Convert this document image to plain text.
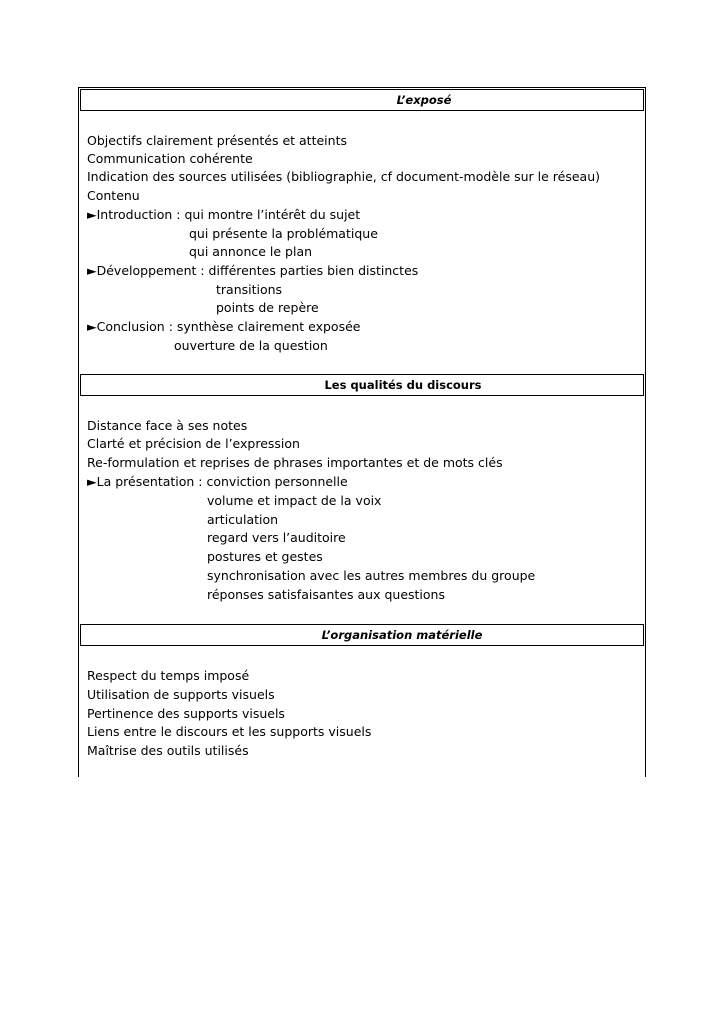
L’exposé
Objectifs clairement présentés et atteints
Communication cohérente
Indication des sources utilisées (bibliographie, cf document-modèle sur le réseau)
Contenu
►Introduction : qui montre l’intérêt du sujet
qui présente la problématique
qui annonce le plan
►Développement : différentes parties bien distinctes
transitions
points de repère
►Conclusion : synthèse clairement exposée
ouverture de la question
Les qualités du discours
Distance face à ses notes
Clarté et précision de l’expression
Re-formulation et reprises de phrases importantes et de mots clés
►La présentation : conviction personnelle
volume et impact de la voix
articulation
regard vers l’auditoire
postures et gestes
synchronisation avec les autres membres du groupe
réponses satisfaisantes aux questions
L’organisation matérielle
Respect du temps imposé
Utilisation de supports visuels
Pertinence des supports visuels
Liens entre le discours et les supports visuels
Maîtrise des outils utilisés
